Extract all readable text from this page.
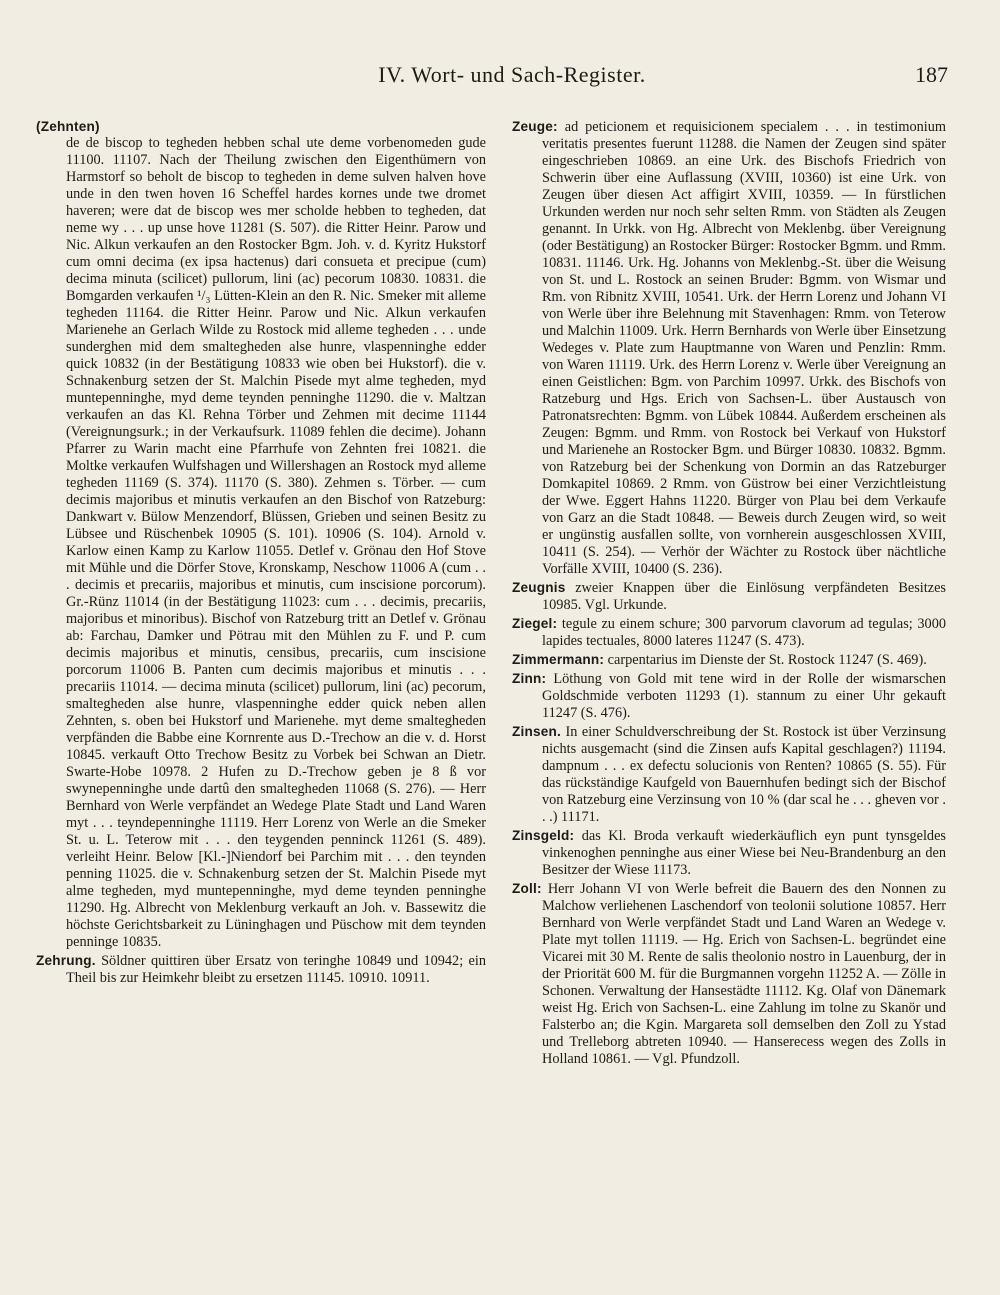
IV. Wort- und Sach-Register.	187
(Zehnten)
de de biscop to tegheden hebben schal ute deme vorbenomeden gude 11100. 11107. Nach der Theilung zwischen den Eigenthümern von Harmstorf so beholt de biscop to tegheden in deme sulven halven hove unde in den twen hoven 16 Scheffel hardes kornes unde twe dromet haveren; were dat de biscop wes mer scholde hebben to tegheden, dat neme wy . . . up unse hove 11281 (S. 507). die Ritter Heinr. Parow und Nic. Alkun verkaufen an den Rostocker Bgm. Joh. v. d. Kyritz Hukstorf cum omni decima (ex ipsa hactenus) dari consueta et precipue (cum) decima minuta (scilicet) pullorum, lini (ac) pecorum 10830. 10831. die Bomgarden verkaufen ¹/₃ Lütten-Klein an den R. Nic. Smeker mit alleme tegheden 11164. die Ritter Heinr. Parow und Nic. Alkun verkaufen Marienehe an Gerlach Wilde zu Rostock mid alleme tegheden . . . unde sunderghen mid dem smaltegheden alse hunre, vlaspenninghe edder quick 10832 (in der Bestätigung 10833 wie oben bei Hukstorf). die v. Schnakenburg setzen der St. Malchin Pisede myt alme tegheden, myd muntepenninghe, myd deme teynden penninghe 11290. die v. Maltzan verkaufen an das Kl. Rehna Törber und Zehmen mit decime 11144 (Vereignungsurk.; in der Verkaufsurk. 11089 fehlen die decime). Johann Pfarrer zu Warin macht eine Pfarrhufe von Zehnten frei 10821. die Moltke verkaufen Wulfshagen und Willershagen an Rostock myd alleme tegheden 11169 (S. 374). 11170 (S. 380). Zehmen s. Törber. — cum decimis majoribus et minutis verkaufen an den Bischof von Ratzeburg: Dankwart v. Bülow Menzendorf, Blüssen, Grieben und seinen Besitz zu Lübsee und Rüschenbek 10905 (S. 101). 10906 (S. 104). Arnold v. Karlow einen Kamp zu Karlow 11055. Detlef v. Grönau den Hof Stove mit Mühle und die Dörfer Stove, Kronskamp, Neschow 11006 A (cum . . . decimis et precariis, majoribus et minutis, cum inscisione porcorum). Gr.-Rünz 11014 (in der Bestätigung 11023: cum . . . decimis, precariis, majoribus et minoribus). Bischof von Ratzeburg tritt an Detlef v. Grönau ab: Farchau, Damker und Pötrau mit den Mühlen zu F. und P. cum decimis majoribus et minutis, censibus, precariis, cum inscisione porcorum 11006 B. Panten cum decimis majoribus et minutis . . . precariis 11014. — decima minuta (scilicet) pullorum, lini (ac) pecorum, smaltegheden alse hunre, vlaspenninghe edder quick neben allen Zehnten, s. oben bei Hukstorf und Marienehe. myt deme smaltegheden verpfänden die Babbe eine Kornrente aus D.-Trechow an die v. d. Horst 10845. verkauft Otto Trechow Besitz zu Vorbek bei Schwan an Dietr. Swarte-Hobe 10978. 2 Hufen zu D.-Trechow geben je 8 ß vor swynepenninghe unde dartû den smaltegheden 11068 (S. 276). — Herr Bernhard von Werle verpfändet an Wedege Plate Stadt und Land Waren myt . . . teyndepenninghe 11119. Herr Lorenz von Werle an die Smeker St. u. L. Teterow mit . . . den teygenden penninck 11261 (S. 489). verleiht Heinr. Below [Kl.-]Niendorf bei Parchim mit . . . den teynden penning 11025. die v. Schnakenburg setzen der St. Malchin Pisede myt alme tegheden, myd muntepenninghe, myd deme teynden penninghe 11290. Hg. Albrecht von Meklenburg verkauft an Joh. v. Bassewitz die höchste Gerichtsbarkeit zu Lüninghagen und Püschow mit dem teynden penninge 10835.
Zehrung. Söldner quittiren über Ersatz von teringhe 10849 und 10942; ein Theil bis zur Heimkehr bleibt zu ersetzen 11145. 10910. 10911.
Zeuge: ad peticionem et requisicionem specialem . . . in testimonium veritatis presentes fuerunt 11288. die Namen der Zeugen sind später eingeschrieben 10869. an eine Urk. des Bischofs Friedrich von Schwerin über eine Auflassung (XVIII, 10360) ist eine Urk. von Zeugen über diesen Act affigirt XVIII, 10359. — In fürstlichen Urkunden werden nur noch sehr selten Rmm. von Städten als Zeugen genannt. In Urkk. von Hg. Albrecht von Meklenbg. über Vereignung (oder Bestätigung) an Rostocker Bürger: Rostocker Bgmm. und Rmm. 10831. 11146. Urk. Hg. Johanns von Meklenbg.-St. über die Weisung von St. und L. Rostock an seinen Bruder: Bgmm. von Wismar und Rm. von Ribnitz XVIII, 10541. Urk. der Herrn Lorenz und Johann VI von Werle über ihre Belehnung mit Stavenhagen: Rmm. von Teterow und Malchin 11009. Urk. Herrn Bernhards von Werle über Einsetzung Wedeges v. Plate zum Hauptmanne von Waren und Penzlin: Rmm. von Waren 11119. Urk. des Herrn Lorenz v. Werle über Vereignung an einen Geistlichen: Bgm. von Parchim 10997. Urkk. des Bischofs von Ratzeburg und Hgs. Erich von Sachsen-L. über Austausch von Patronatsrechten: Bgmm. von Lübek 10844. Außerdem erscheinen als Zeugen: Bgmm. und Rmm. von Rostock bei Verkauf von Hukstorf und Marienehe an Rostocker Bgm. und Bürger 10830. 10832. Bgmm. von Ratzeburg bei der Schenkung von Dormin an das Ratzeburger Domkapitel 10869. 2 Rmm. von Güstrow bei einer Verzichtleistung der Wwe. Eggert Hahns 11220. Bürger von Plau bei dem Verkaufe von Garz an die Stadt 10848. — Beweis durch Zeugen wird, so weit er ungünstig ausfallen sollte, von vornherein ausgeschlossen XVIII, 10411 (S. 254). — Verhör der Wächter zu Rostock über nächtliche Vorfälle XVIII, 10400 (S. 236).
Zeugnis zweier Knappen über die Einlösung verpfändeten Besitzes 10985. Vgl. Urkunde.
Ziegel: tegule zu einem schure; 300 parvorum clavorum ad tegulas; 3000 lapides tectuales, 8000 lateres 11247 (S. 473).
Zimmermann: carpentarius im Dienste der St. Rostock 11247 (S. 469).
Zinn: Löthung von Gold mit tene wird in der Rolle der wismarschen Goldschmide verboten 11293 (1). stannum zu einer Uhr gekauft 11247 (S. 476).
Zinsen. In einer Schuldverschreibung der St. Rostock ist über Verzinsung nichts ausgemacht (sind die Zinsen aufs Kapital geschlagen?) 11194. dampnum . . . ex defectu solucionis von Renten? 10865 (S. 55). Für das rückständige Kaufgeld von Bauernhufen bedingt sich der Bischof von Ratzeburg eine Verzinsung von 10 % (dar scal he . . . gheven vor . . .) 11171.
Zinsgeld: das Kl. Broda verkauft wiederkäuflich eyn punt tynsgeldes vinkenoghen penninghe aus einer Wiese bei Neu-Brandenburg an den Besitzer der Wiese 11173.
Zoll: Herr Johann VI von Werle befreit die Bauern des den Nonnen zu Malchow verliehenen Laschendorf von teolonii solutione 10857. Herr Bernhard von Werle verpfändet Stadt und Land Waren an Wedege v. Plate myt tollen 11119. — Hg. Erich von Sachsen-L. begründet eine Vicarei mit 30 M. Rente de salis theolonio nostro in Lauenburg, der in der Priorität 600 M. für die Burgmannen vorgehn 11252 A. — Zölle in Schonen. Verwaltung der Hansestädte 11112. Kg. Olaf von Dänemark weist Hg. Erich von Sachsen-L. eine Zahlung im tolne zu Skanör und Falsterbo an; die Kgin. Margareta soll demselben den Zoll zu Ystad und Trelleborg abtreten 10940. — Hanserecess wegen des Zolls in Holland 10861. — Vgl. Pfundzoll.
